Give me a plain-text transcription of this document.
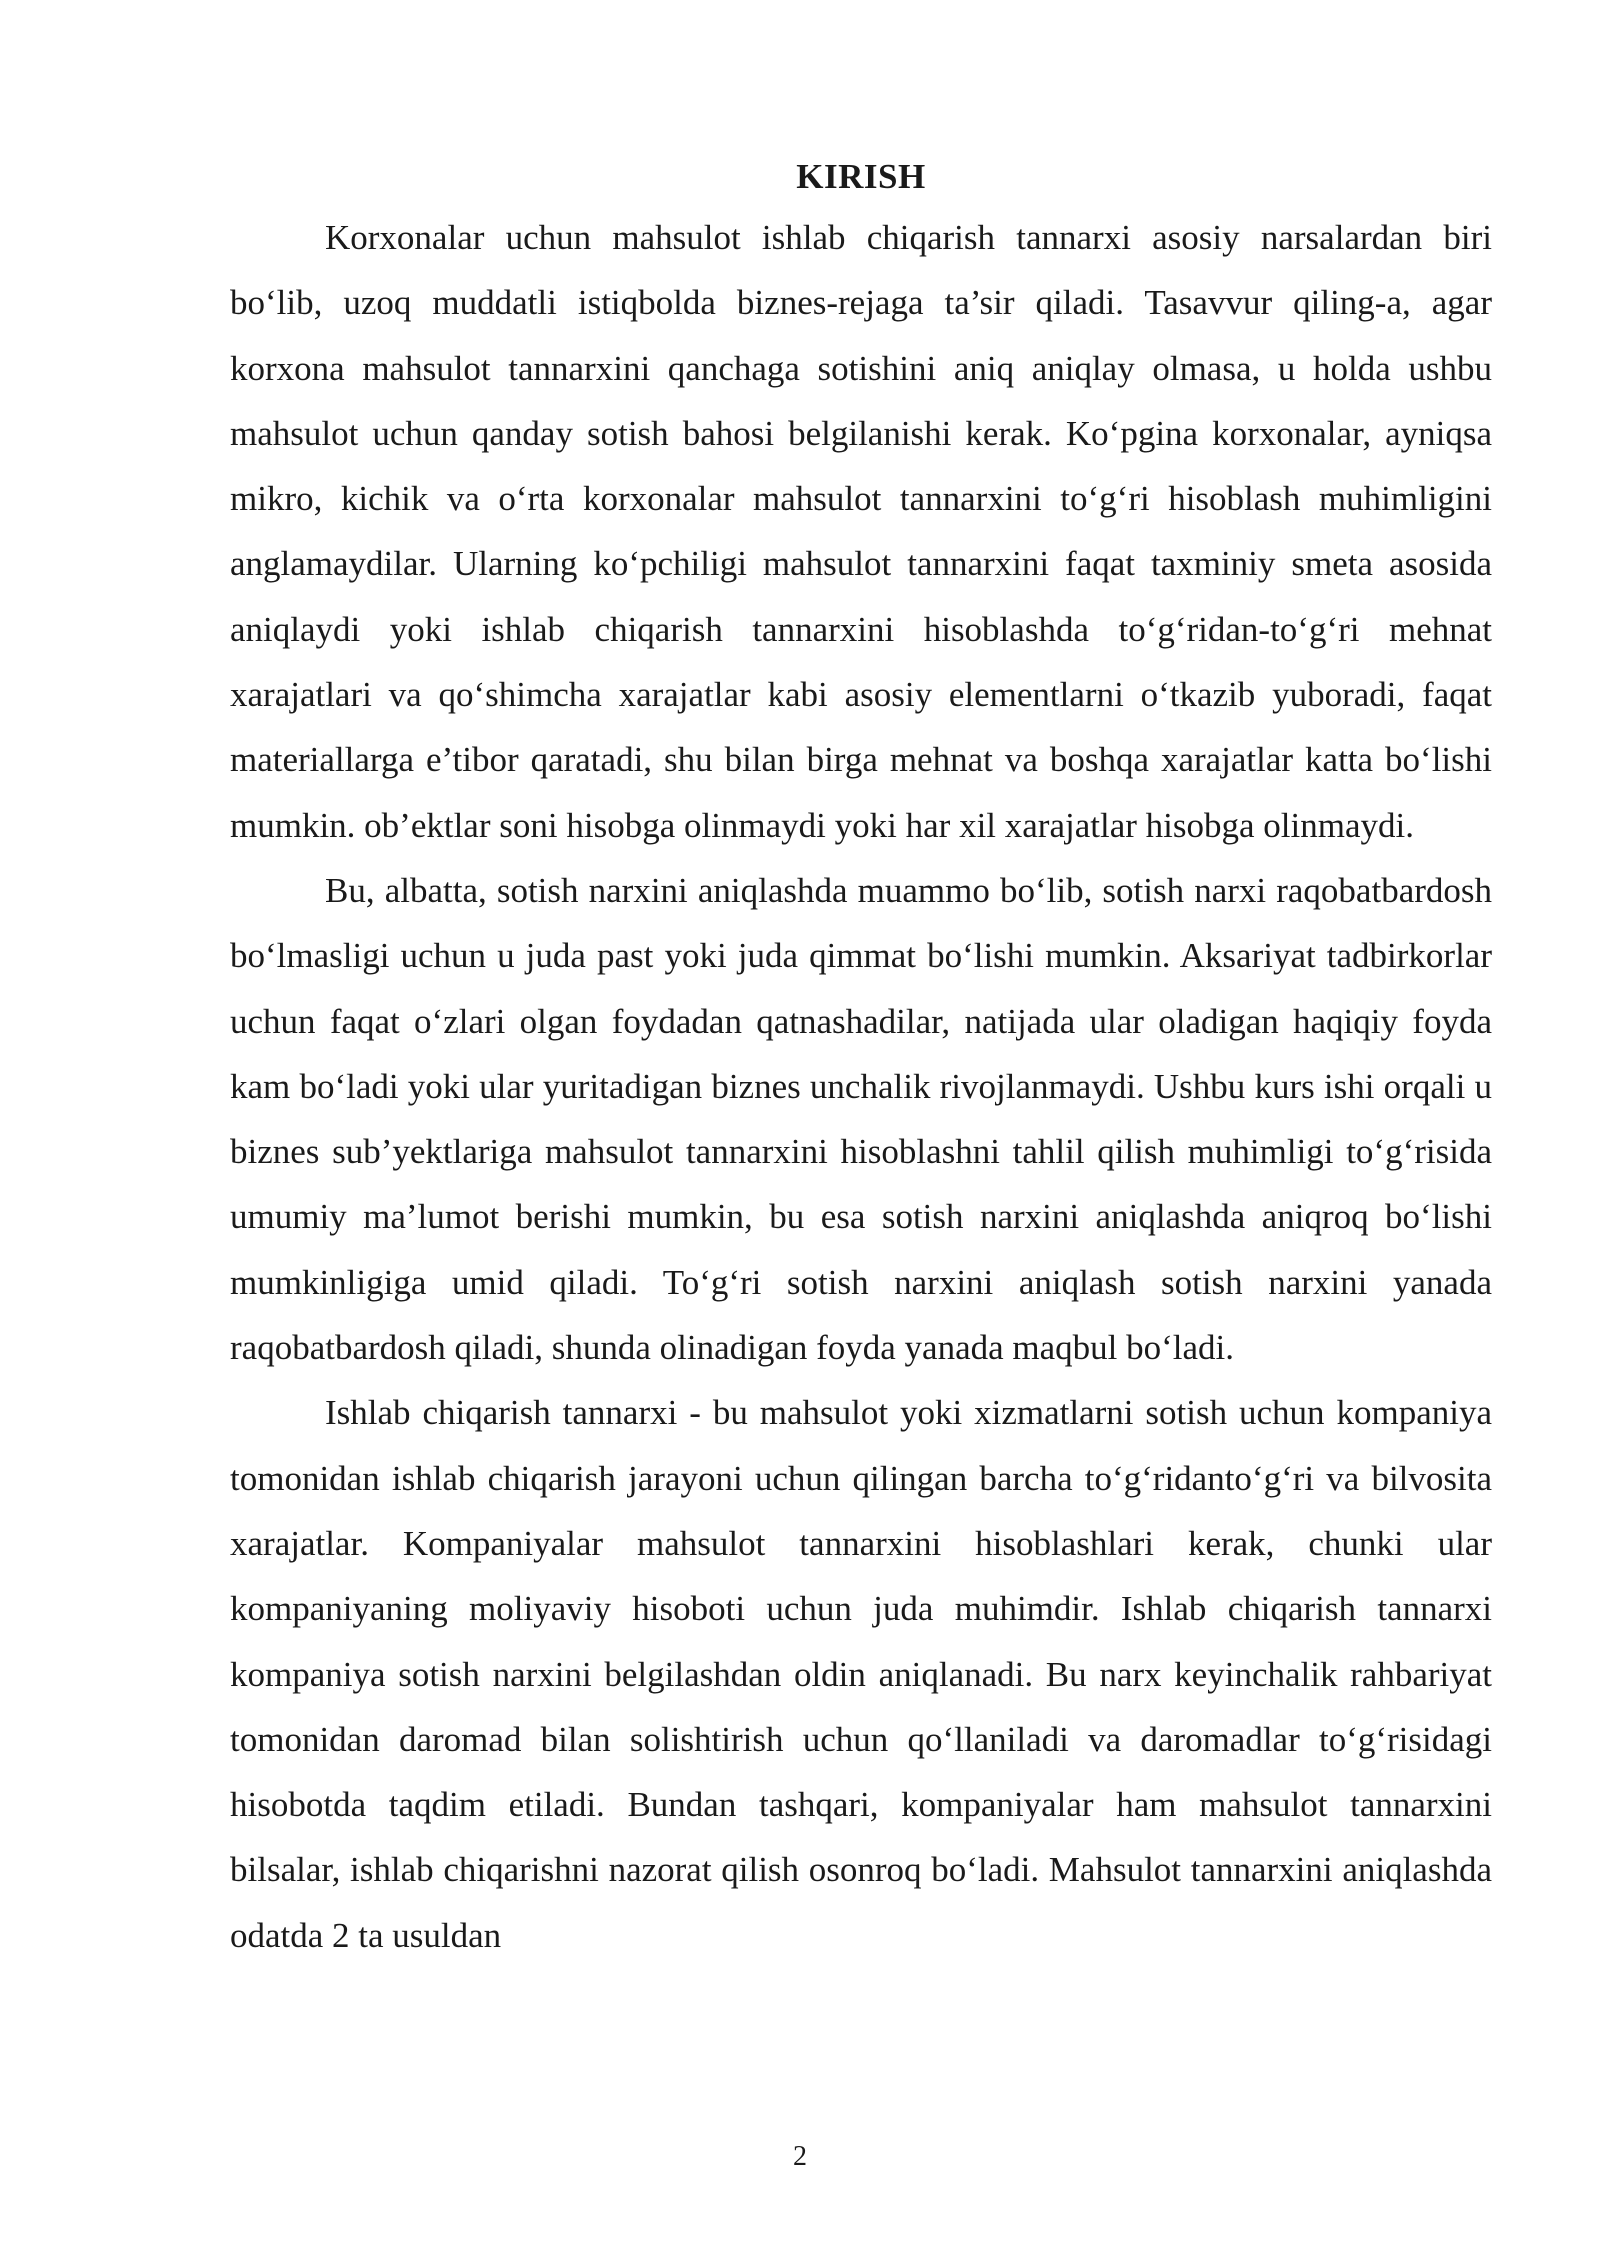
KIRISH

Korxonalar uchun mahsulot ishlab chiqarish tannarxi asosiy narsalardan biri bo‘lib, uzoq muddatli istiqbolda biznes-rejaga ta’sir qiladi. Tasavvur qiling-a, agar korxona mahsulot tannarxini qanchaga sotishini aniq aniqlay olmasa, u holda ushbu mahsulot uchun qanday sotish bahosi belgilanishi kerak. Ko‘pgina korxonalar, ayniqsa mikro, kichik va o‘rta korxonalar mahsulot tannarxini to‘g‘ri hisoblash muhimligini anglamaydilar. Ularning ko‘pchiligi mahsulot tannarxini faqat taxminiy smeta asosida aniqlaydi yoki ishlab chiqarish tannarxini hisoblashda to‘g‘ridan-to‘g‘ri mehnat xarajatlari va qo‘shimcha xarajatlar kabi asosiy elementlarni o‘tkazib yuboradi, faqat materiallarga e’tibor qaratadi, shu bilan birga mehnat va boshqa xarajatlar katta bo‘lishi mumkin. ob’ektlar soni hisobga olinmaydi yoki har xil xarajatlar hisobga olinmaydi.

Bu, albatta, sotish narxini aniqlashda muammo bo‘lib, sotish narxi raqobatbardosh bo‘lmasligi uchun u juda past yoki juda qimmat bo‘lishi mumkin. Aksariyat tadbirkorlar uchun faqat o‘zlari olgan foydadan qatnashadilar, natijada ular oladigan haqiqiy foyda kam bo‘ladi yoki ular yuritadigan biznes unchalik rivojlanmaydi. Ushbu kurs ishi orqali u biznes sub’yektlariga mahsulot tannarxini hisoblashni tahlil qilish muhimligi to‘g‘risida umumiy ma’lumot berishi mumkin, bu esa sotish narxini aniqlashda aniqroq bo‘lishi mumkinligiga umid qiladi. To‘g‘ri sotish narxini aniqlash sotish narxini yanada raqobatbardosh qiladi, shunda olinadigan foyda yanada maqbul bo‘ladi.

Ishlab chiqarish tannarxi - bu mahsulot yoki xizmatlarni sotish uchun kompaniya tomonidan ishlab chiqarish jarayoni uchun qilingan barcha to‘g‘ridanto‘g‘ri va bilvosita xarajatlar. Kompaniyalar mahsulot tannarxini hisoblashlari kerak, chunki ular kompaniyaning moliyaviy hisoboti uchun juda muhimdir. Ishlab chiqarish tannarxi kompaniya sotish narxini belgilashdan oldin aniqlanadi. Bu narx keyinchalik rahbariyat tomonidan daromad bilan solishtirish uchun qo‘llaniladi va daromadlar to‘g‘risidagi hisobotda taqdim etiladi. Bundan tashqari, kompaniyalar ham mahsulot tannarxini bilsalar, ishlab chiqarishni nazorat qilish osonroq bo‘ladi. Mahsulot tannarxini aniqlashda odatda 2 ta usuldan

2
